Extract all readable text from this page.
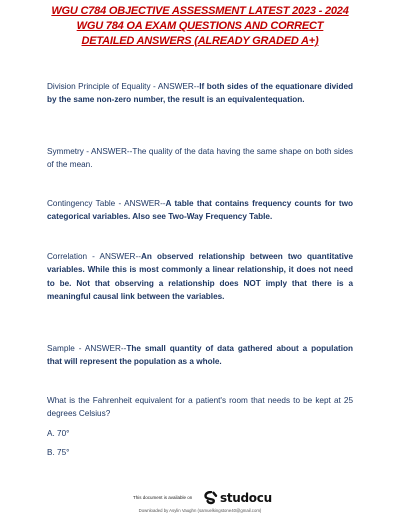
WGU C784 OBJECTIVE ASSESSMENT LATEST 2023 - 2024
WGU 784 OA EXAM QUESTIONS AND CORRECT
DETAILED ANSWERS (ALREADY GRADED A+)
Division Principle of Equality - ANSWER--If both sides of the equationare divided by the same non-zero number, the result is an equivalentequation.
Symmetry - ANSWER--The quality of the data having the same shape on both sides of the mean.
Contingency Table - ANSWER--A table that contains frequency counts for two categorical variables. Also see Two-Way Frequency Table.
Correlation - ANSWER--An observed relationship between two quantitative variables. While this is most commonly a linear relationship, it does not need to be. Not that observing a relationship does NOT imply that there is a meaningful causal link between the variables.
Sample - ANSWER--The small quantity of data gathered about a population that will represent the population as a whole.
What is the Fahrenheit equivalent for a patient's room that needs to be kept at 25 degrees Celsius?
A. 70°
B. 75°
This document is available on studocu
Downloaded by Asylin Vaughn (samuelkingstone40@gmail.com)
